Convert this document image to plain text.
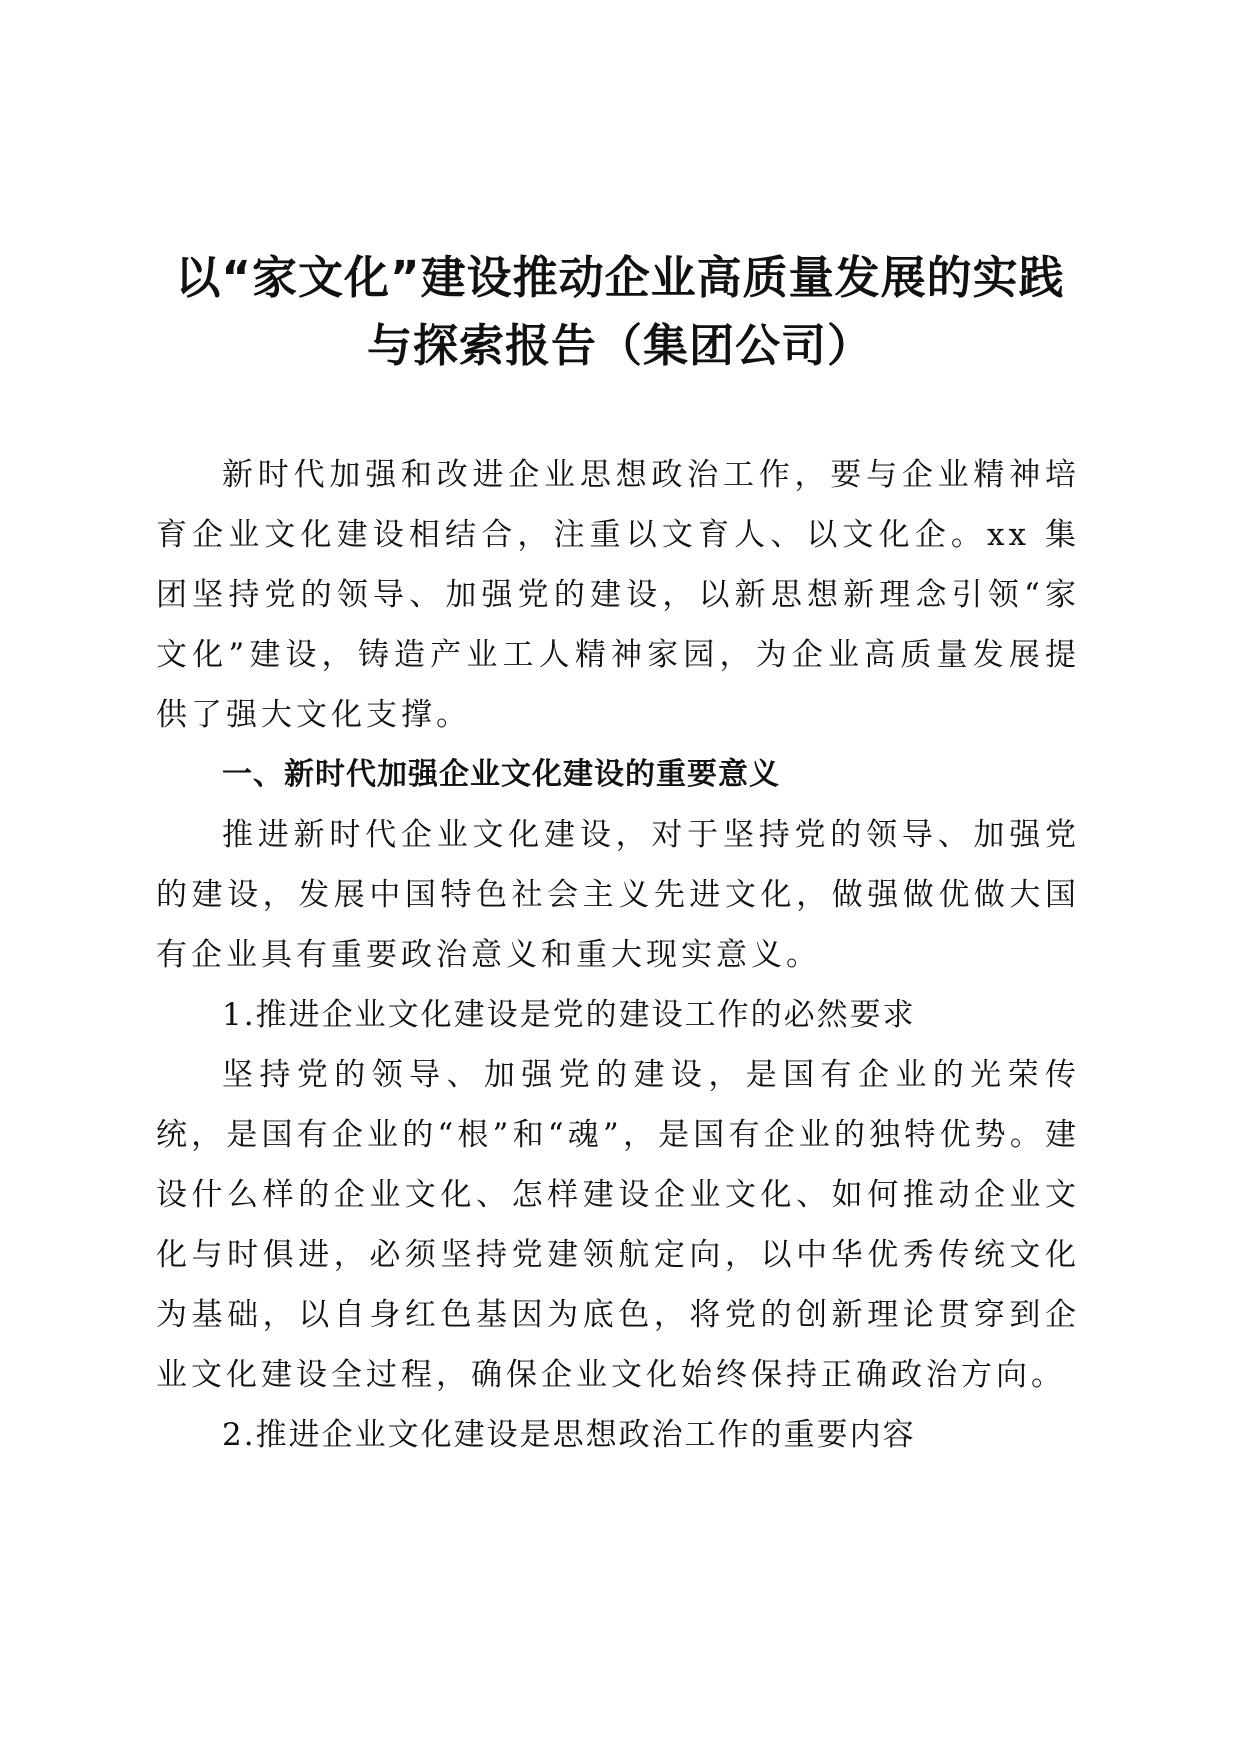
以“家文化”建设推动企业高质量发展的实践
与探索报告（集团公司）

新时代加强和改进企业思想政治工作，要与企业精神培育企业文化建设相结合，注重以文育人、以文化企。xx 集团坚持党的领导、加强党的建设，以新思想新理念引领“家文化”建设，铸造产业工人精神家园，为企业高质量发展提供了强大文化支撑。

一、新时代加强企业文化建设的重要意义

推进新时代企业文化建设，对于坚持党的领导、加强党的建设，发展中国特色社会主义先进文化，做强做优做大国有企业具有重要政治意义和重大现实意义。

1.推进企业文化建设是党的建设工作的必然要求

坚持党的领导、加强党的建设，是国有企业的光荣传统，是国有企业的“根”和“魂”，是国有企业的独特优势。建设什么样的企业文化、怎样建设企业文化、如何推动企业文化与时俱进，必须坚持党建领航定向，以中华优秀传统文化为基础，以自身红色基因为底色，将党的创新理论贯穿到企业文化建设全过程，确保企业文化始终保持正确政治方向。

2.推进企业文化建设是思想政治工作的重要内容
